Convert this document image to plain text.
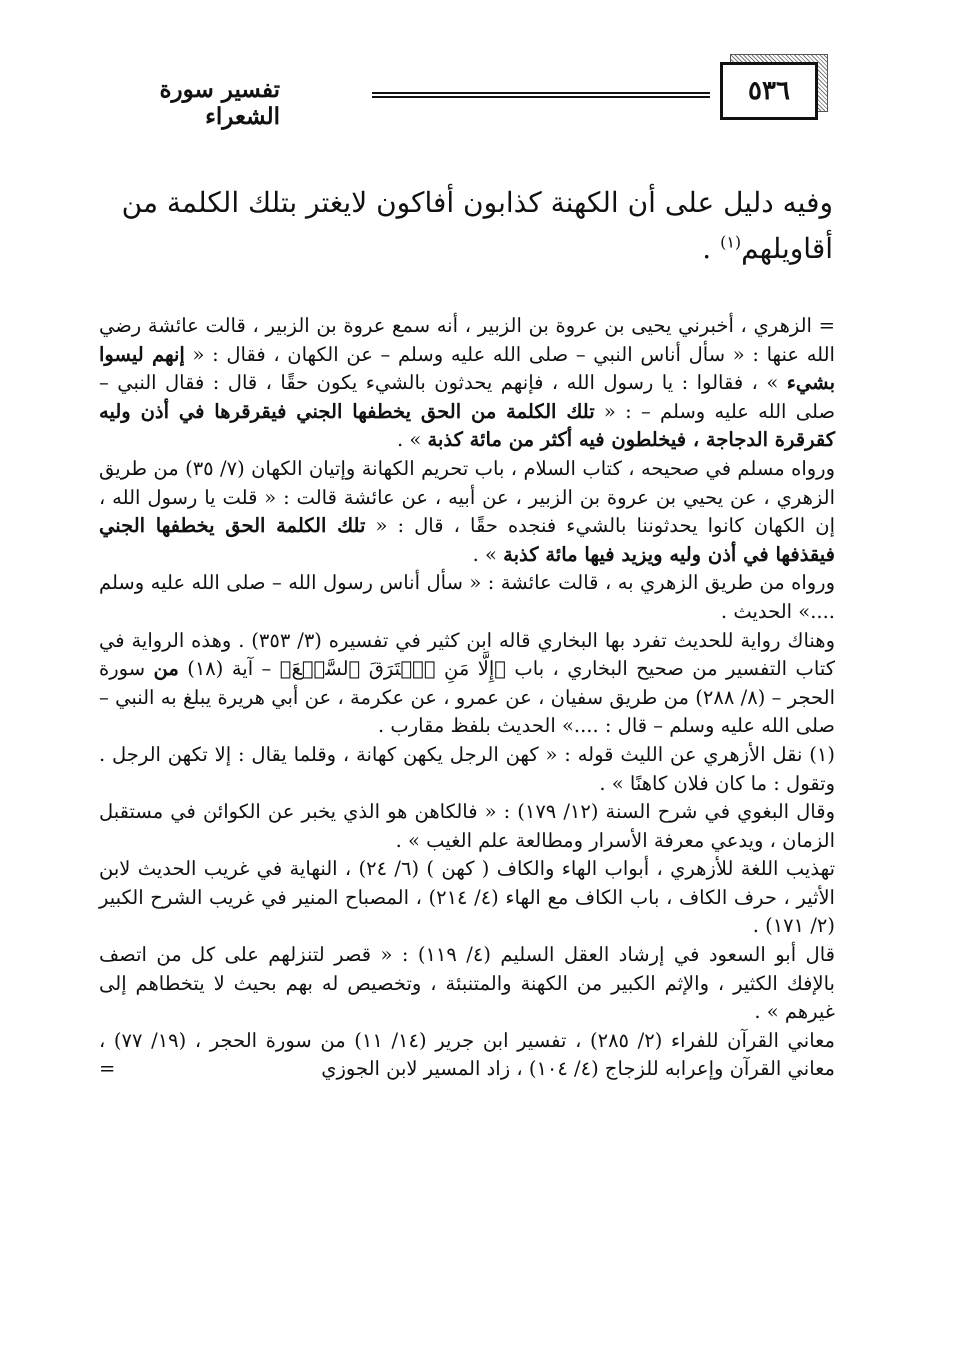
٥٣٦
تفسير سورة الشعراء

وفيه دليل على أن الكهنة كذابون أفاكون لايغتر بتلك الكلمة من

أقاويلهم$^{(١)}$ .

= الزهري ، أخبرني يحيى بن عروة بن الزبير ، أنه سمع عروة بن الزبير ، قالت عائشة رضي الله عنها : « سأل أناس النبي – صلى الله عليه وسلم – عن الكهان ، فقال : « إنهم ليسوا بشيء » ، فقالوا : يا رسول الله ، فإنهم يحدثون بالشيء يكون حقًا ، قال : فقال النبي – صلى الله عليه وسلم – : « تلك الكلمة من الحق يخطفها الجني فيقرقرها في أذن وليه كقرقرة الدجاجة ، فيخلطون فيه أكثر من مائة كذبة » .

ورواه مسلم في صحيحه ، كتاب السلام ، باب تحريم الكهانة وإتيان الكهان (٧/ ٣٥) من طريق الزهري ، عن يحيي بن عروة بن الزبير ، عن أبيه ، عن عائشة قالت : « قلت يا رسول الله ، إن الكهان كانوا يحدثوننا بالشيء فنجده حقًا ، قال : « تلك الكلمة الحق يخطفها الجني فيقذفها في أذن وليه ويزيد فيها مائة كذبة » .

ورواه من طريق الزهري به ، قالت عائشة : « سأل أناس رسول الله – صلى الله عليه وسلم ....» الحديث .

وهناك رواية للحديث تفرد بها البخاري قاله ابن كثير في تفسيره (٣/ ٣٥٣) . وهذه الرواية في كتاب التفسير من صحيح البخاري ، باب ﴿إِلَّا مَنِ ٱسۡتَرَقَ ٱلسَّمۡعَ﴾ – آية (١٨) من سورة الحجر – (٨/ ٢٨٨) من طريق سفيان ، عن عمرو ، عن عكرمة ، عن أبي هريرة يبلغ به النبي – صلى الله عليه وسلم – قال : ....» الحديث بلفظ مقارب .

(١) نقل الأزهري عن الليث قوله : « كهن الرجل يكهن كهانة ، وقلما يقال : إلا تكهن الرجل . وتقول : ما كان فلان كاهنًا » .

وقال البغوي في شرح السنة (١٢/ ١٧٩) : « فالكاهن هو الذي يخبر عن الكوائن في مستقبل الزمان ، ويدعي معرفة الأسرار ومطالعة علم الغيب » .

تهذيب اللغة للأزهري ، أبواب الهاء والكاف ( كهن ) (٦/ ٢٤) ، النهاية في غريب الحديث لابن الأثير ، حرف الكاف ، باب الكاف مع الهاء (٤/ ٢١٤) ، المصباح المنير في غريب الشرح الكبير (٢/ ١٧١) .

قال أبو السعود في إرشاد العقل السليم (٤/ ١١٩) : « قصر لتنزلهم على كل من اتصف بالإفك الكثير ، والإثم الكبير من الكهنة والمتنبئة ، وتخصيص له بهم بحيث لا يتخطاهم إلى غيرهم » .

معاني القرآن للفراء (٢/ ٢٨٥) ، تفسير ابن جرير (١٤/ ١١) من سورة الحجر ، (١٩/ ٧٧) ، معاني القرآن وإعرابه للزجاج (٤/ ١٠٤) ، زاد المسير لابن الجوزي
=
